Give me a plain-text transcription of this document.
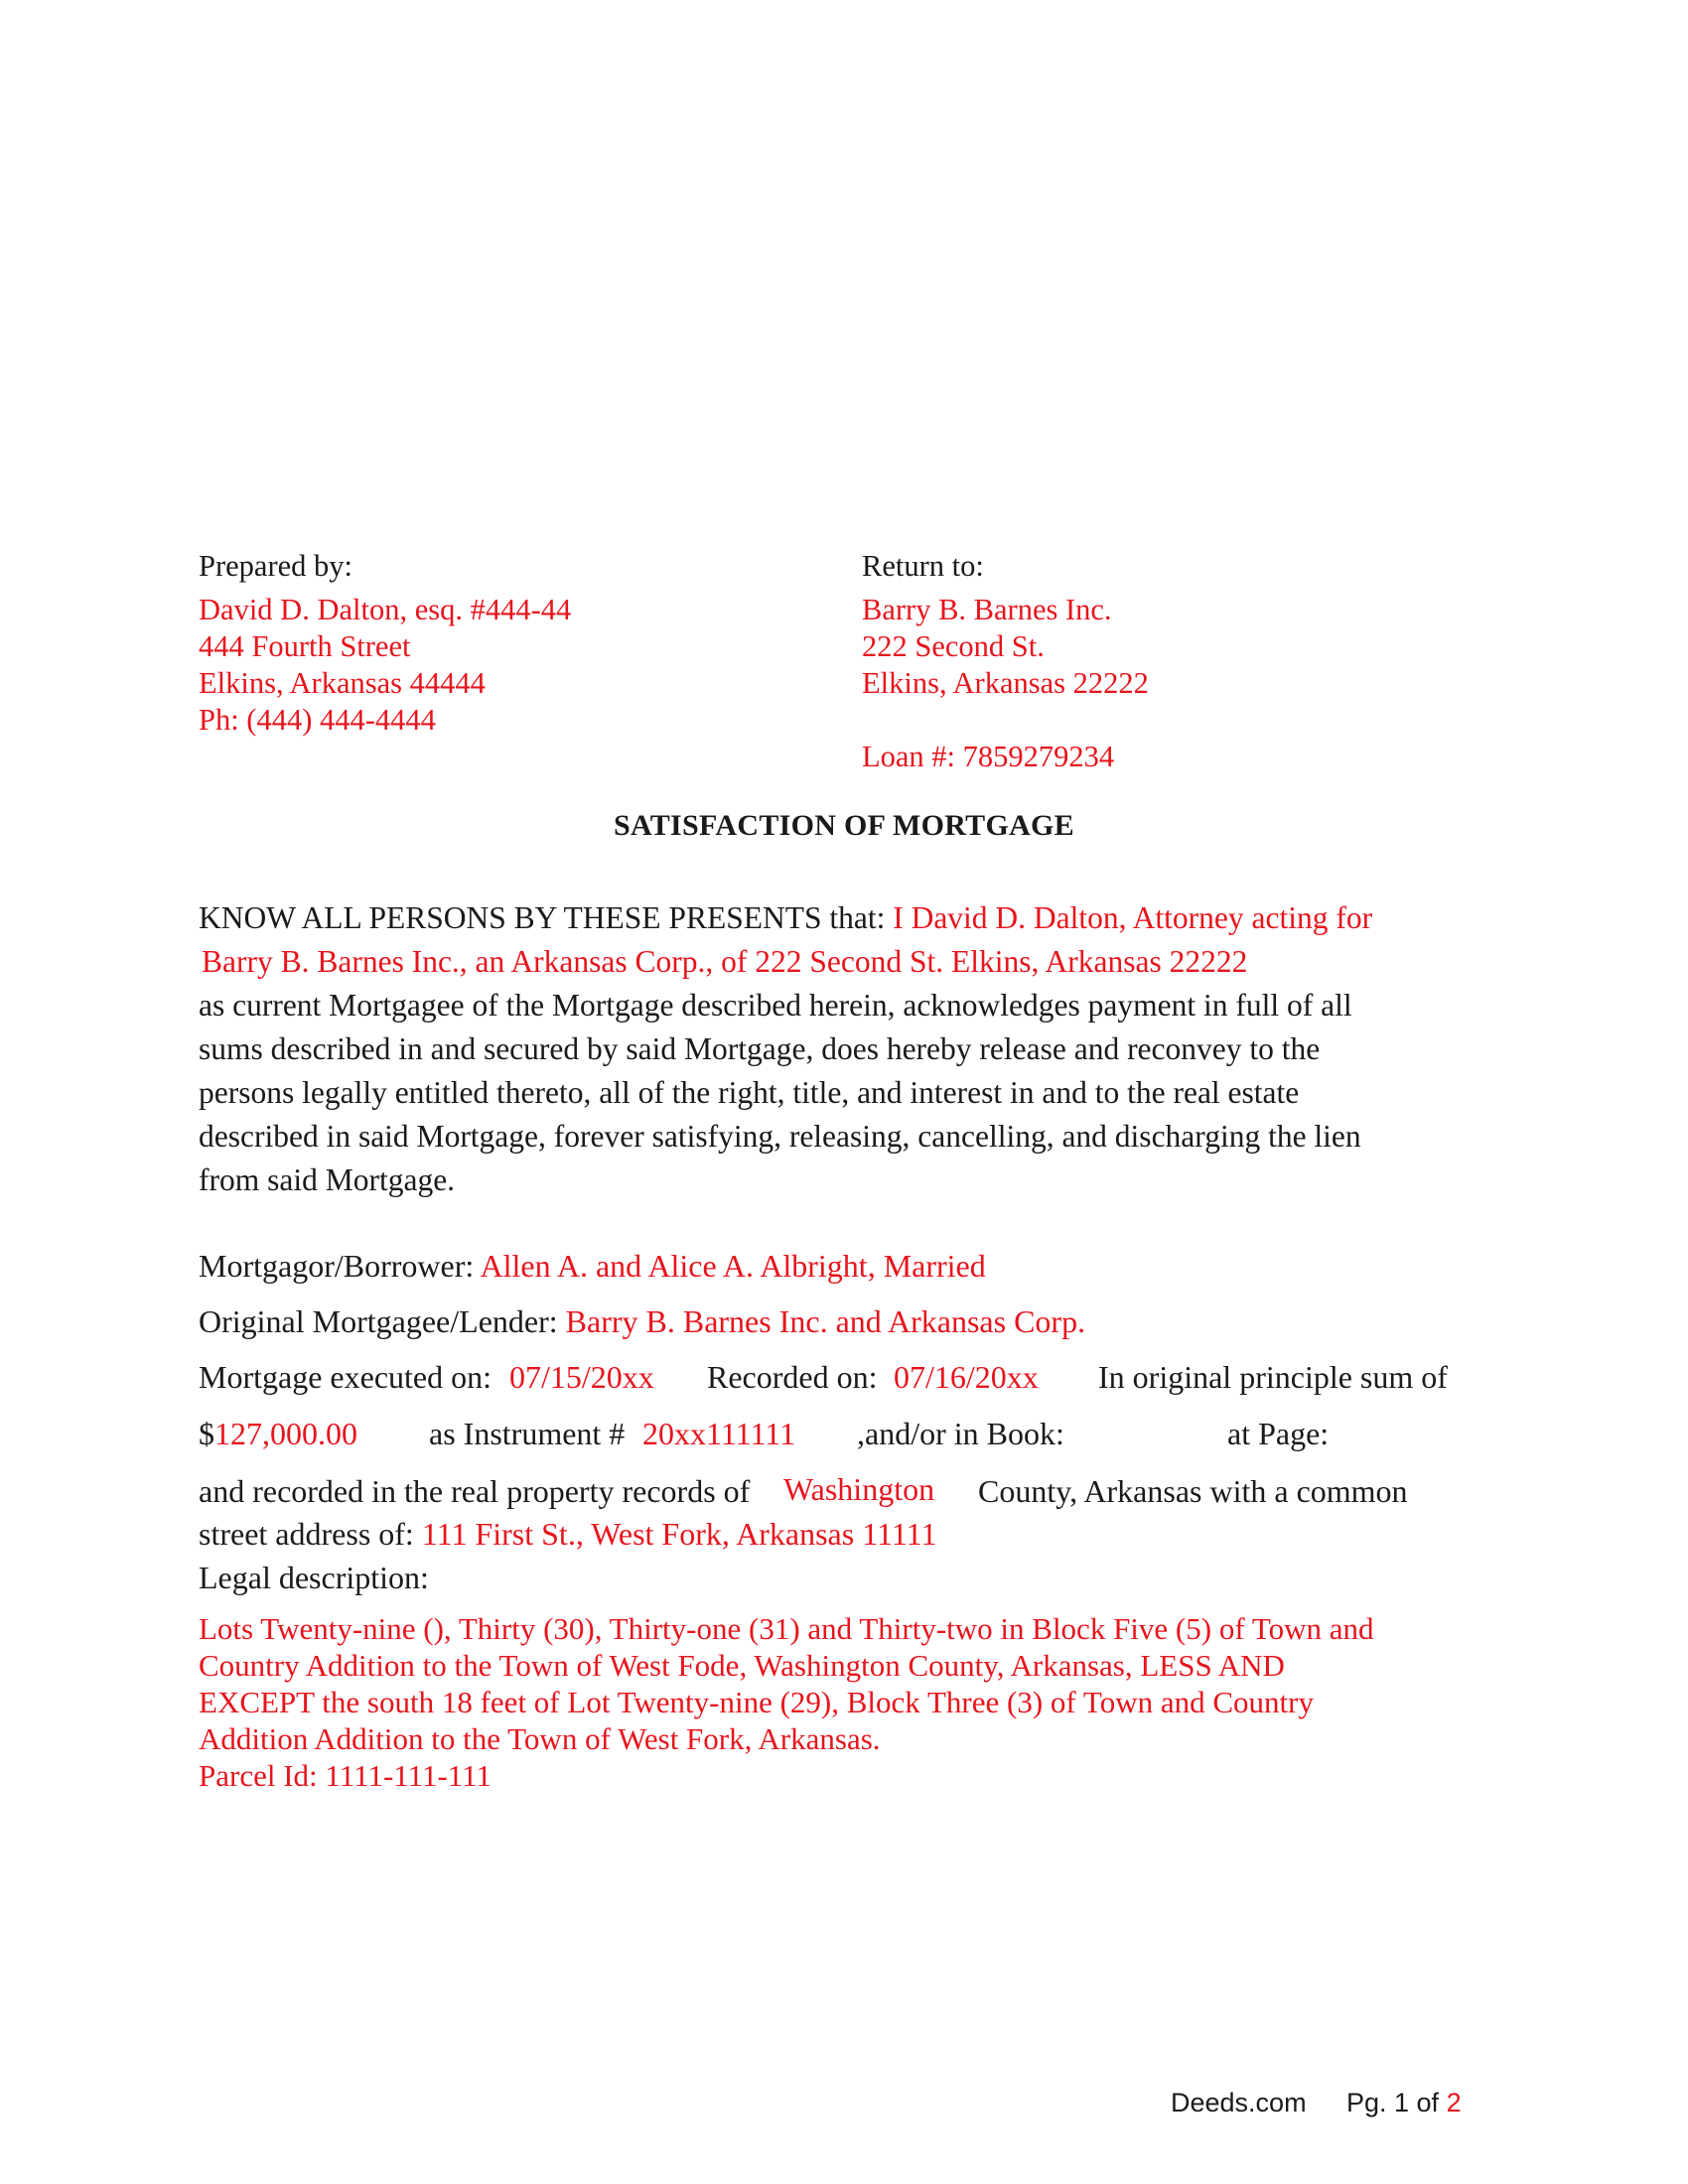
Prepared by:
David D. Dalton, esq. #444-44
444 Fourth Street
Elkins, Arkansas 44444
Ph: (444) 444-4444
Return to:
Barry B. Barnes Inc.
222 Second St.
Elkins, Arkansas 22222
Loan #: 7859279234
SATISFACTION OF MORTGAGE
KNOW ALL PERSONS BY THESE PRESENTS that: I David D. Dalton, Attorney acting for
Barry B. Barnes Inc., an Arkansas Corp., of 222 Second St. Elkins, Arkansas 22222
as current Mortgagee of the Mortgage described herein, acknowledges payment in full of all
sums described in and secured by said Mortgage, does hereby release and reconvey to the
persons legally entitled thereto, all of the right, title, and interest in and to the real estate
described in said Mortgage, forever satisfying, releasing, cancelling, and discharging the lien
from said Mortgage.
Mortgagor/Borrower: Allen A. and Alice A. Albright, Married
Original Mortgagee/Lender: Barry B. Barnes Inc. and Arkansas Corp.
Mortgage executed on: 07/15/20xx Recorded on: 07/16/20xx In original principle sum of
$127,000.00 as Instrument # 20xx111111 ,and/or in Book:	at Page:
and recorded in the real property records of Washington County, Arkansas with a common
street address of: 111 First St., West Fork, Arkansas 11111
Legal description:
Lots Twenty-nine (), Thirty (30), Thirty-one (31) and Thirty-two in Block Five (5) of Town and
Country Addition to the Town of West Fode, Washington County, Arkansas, LESS AND
EXCEPT the south 18 feet of Lot Twenty-nine (29), Block Three (3) of Town and Country
Addition Addition to the Town of West Fork, Arkansas.
Parcel Id: 1111-111-111
Deeds.com Pg. 1 of 2
